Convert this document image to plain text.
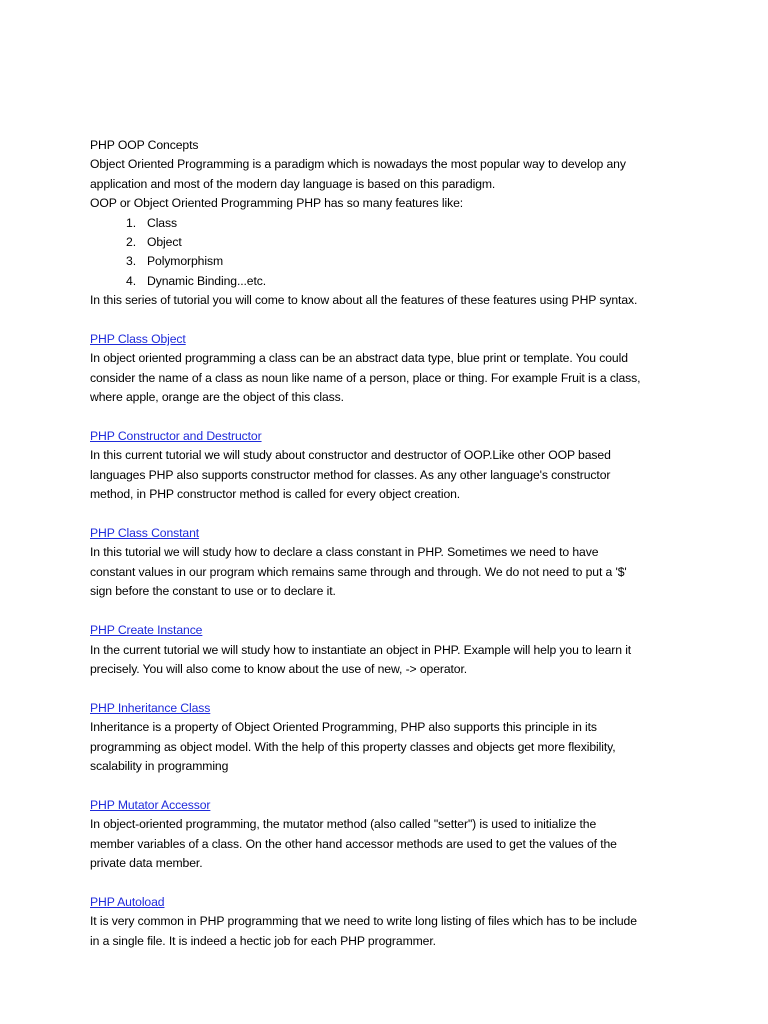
PHP OOP Concepts
Object Oriented Programming is a paradigm which is nowadays the most popular way to develop any
application and most of the modern day language is based on this paradigm.
OOP or Object Oriented Programming PHP has so many features like:
1. Class
2. Object
3. Polymorphism
4. Dynamic Binding...etc.
In this series of tutorial you will come to know about all the features of these features using PHP syntax.
PHP Class Object

In object oriented programming a class can be an abstract data type, blue print or template. You could

consider the name of a class as noun like name of a person, place or thing. For example Fruit is a class,

where apple, orange are the object of this class.

PHP Constructor and Destructor

In this current tutorial we will study about constructor and destructor of OOP.Like other OOP based

languages PHP also supports constructor method for classes. As any other language's constructor

method, in PHP constructor method is called for every object creation.

PHP Class Constant

In this tutorial we will study how to declare a class constant in PHP. Sometimes we need to have

constant values in our program which remains same through and through. We do not need to put a '$'

sign before the constant to use or to declare it.

PHP Create Instance

In the current tutorial we will study how to instantiate an object in PHP. Example will help you to learn it

precisely. You will also come to know about the use of new, -> operator.

PHP Inheritance Class

Inheritance is a property of Object Oriented Programming, PHP also supports this principle in its

programming as object model. With the help of this property classes and objects get more flexibility,

scalability in programming

PHP Mutator Accessor

In object-oriented programming, the mutator method (also called "setter") is used to initialize the

member variables of a class. On the other hand accessor methods are used to get the values of the

private data member.

PHP Autoload

It is very common in PHP programming that we need to write long listing of files which has to be include

in a single file. It is indeed a hectic job for each PHP programmer.
